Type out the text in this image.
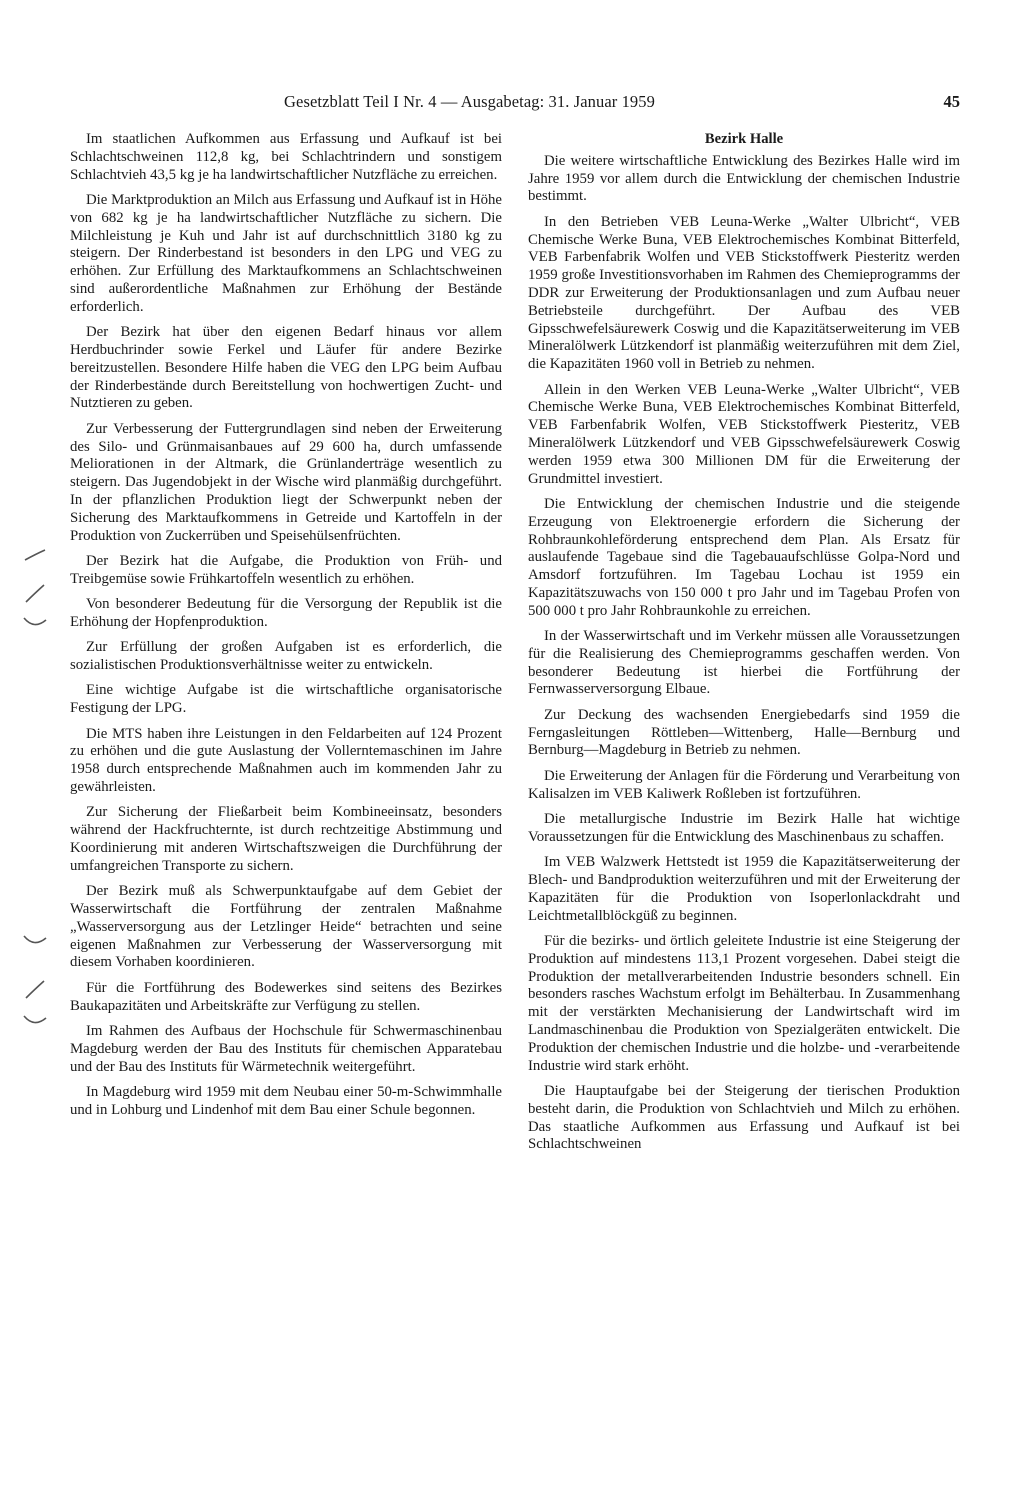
Gesetzblatt Teil I Nr. 4 — Ausgabetag: 31. Januar 1959	45

Im staatlichen Aufkommen aus Erfassung und Aufkauf ist bei Schlachtschweinen 112,8 kg, bei Schlachtrindern und sonstigem Schlachtvieh 43,5 kg je ha landwirtschaftlicher Nutzfläche zu erreichen.

Die Marktproduktion an Milch aus Erfassung und Aufkauf ist in Höhe von 682 kg je ha landwirtschaftlicher Nutzfläche zu sichern. Die Milchleistung je Kuh und Jahr ist auf durchschnittlich 3180 kg zu steigern. Der Rinderbestand ist besonders in den LPG und VEG zu erhöhen. Zur Erfüllung des Marktaufkommens an Schlachtschweinen sind außerordentliche Maßnahmen zur Erhöhung der Bestände erforderlich.

Der Bezirk hat über den eigenen Bedarf hinaus vor allem Herdbuchrinder sowie Ferkel und Läufer für andere Bezirke bereitzustellen. Besondere Hilfe haben die VEG den LPG beim Aufbau der Rinderbestände durch Bereitstellung von hochwertigen Zucht- und Nutztieren zu geben.

Zur Verbesserung der Futtergrundlagen sind neben der Erweiterung des Silo- und Grünmaisanbaues auf 29 600 ha, durch umfassende Meliorationen in der Altmark, die Grünlanderträge wesentlich zu steigern. Das Jugendobjekt in der Wische wird planmäßig durchgeführt. In der pflanzlichen Produktion liegt der Schwerpunkt neben der Sicherung des Marktaufkommens in Getreide und Kartoffeln in der Produktion von Zuckerrüben und Speisehülsenfrüchten.

Der Bezirk hat die Aufgabe, die Produktion von Früh- und Treibgemüse sowie Frühkartoffeln wesentlich zu erhöhen.

Von besonderer Bedeutung für die Versorgung der Republik ist die Erhöhung der Hopfenproduktion.

Zur Erfüllung der großen Aufgaben ist es erforderlich, die sozialistischen Produktionsverhältnisse weiter zu entwickeln.

Eine wichtige Aufgabe ist die wirtschaftliche organisatorische Festigung der LPG.

Die MTS haben ihre Leistungen in den Feldarbeiten auf 124 Prozent zu erhöhen und die gute Auslastung der Vollerntemaschinen im Jahre 1958 durch entsprechende Maßnahmen auch im kommenden Jahr zu gewährleisten.

Zur Sicherung der Fließarbeit beim Kombineeinsatz, besonders während der Hackfruchternte, ist durch rechtzeitige Abstimmung und Koordinierung mit anderen Wirtschaftszweigen die Durchführung der umfangreichen Transporte zu sichern.

Der Bezirk muß als Schwerpunktaufgabe auf dem Gebiet der Wasserwirtschaft die Fortführung der zentralen Maßnahme „Wasserversorgung aus der Letzlinger Heide“ betrachten und seine eigenen Maßnahmen zur Verbesserung der Wasserversorgung mit diesem Vorhaben koordinieren.

Für die Fortführung des Bodewerkes sind seitens des Bezirkes Baukapazitäten und Arbeitskräfte zur Verfügung zu stellen.

Im Rahmen des Aufbaus der Hochschule für Schwermaschinenbau Magdeburg werden der Bau des Instituts für chemischen Apparatebau und der Bau des Instituts für Wärmetechnik weitergeführt.

In Magdeburg wird 1959 mit dem Neubau einer 50-m-Schwimmhalle und in Lohburg und Lindenhof mit dem Bau einer Schule begonnen.

Bezirk Halle

Die weitere wirtschaftliche Entwicklung des Bezirkes Halle wird im Jahre 1959 vor allem durch die Entwicklung der chemischen Industrie bestimmt.

In den Betrieben VEB Leuna-Werke „Walter Ulbricht“, VEB Chemische Werke Buna, VEB Elektrochemisches Kombinat Bitterfeld, VEB Farbenfabrik Wolfen und VEB Stickstoffwerk Piesteritz werden 1959 große Investitionsvorhaben im Rahmen des Chemieprogramms der DDR zur Erweiterung der Produktionsanlagen und zum Aufbau neuer Betriebsteile durchgeführt. Der Aufbau des VEB Gipsschwefelsäurewerk Coswig und die Kapazitätserweiterung im VEB Mineralölwerk Lützkendorf ist planmäßig weiterzuführen mit dem Ziel, die Kapazitäten 1960 voll in Betrieb zu nehmen.

Allein in den Werken VEB Leuna-Werke „Walter Ulbricht“, VEB Chemische Werke Buna, VEB Elektrochemisches Kombinat Bitterfeld, VEB Farbenfabrik Wolfen, VEB Stickstoffwerk Piesteritz, VEB Mineralölwerk Lützkendorf und VEB Gipsschwefelsäurewerk Coswig werden 1959 etwa 300 Millionen DM für die Erweiterung der Grundmittel investiert.

Die Entwicklung der chemischen Industrie und die steigende Erzeugung von Elektroenergie erfordern die Sicherung der Rohbraunkohleförderung entsprechend dem Plan. Als Ersatz für auslaufende Tagebaue sind die Tagebauaufschlüsse Golpa-Nord und Amsdorf fortzuführen. Im Tagebau Lochau ist 1959 ein Kapazitätszuwachs von 150 000 t pro Jahr und im Tagebau Profen von 500 000 t pro Jahr Rohbraunkohle zu erreichen.

In der Wasserwirtschaft und im Verkehr müssen alle Voraussetzungen für die Realisierung des Chemieprogramms geschaffen werden. Von besonderer Bedeutung ist hierbei die Fortführung der Fernwasserversorgung Elbaue.

Zur Deckung des wachsenden Energiebedarfs sind 1959 die Ferngasleitungen Röttleben—Wittenberg, Halle—Bernburg und Bernburg—Magdeburg in Betrieb zu nehmen.

Die Erweiterung der Anlagen für die Förderung und Verarbeitung von Kalisalzen im VEB Kaliwerk Roßleben ist fortzuführen.

Die metallurgische Industrie im Bezirk Halle hat wichtige Voraussetzungen für die Entwicklung des Maschinenbaus zu schaffen.

Im VEB Walzwerk Hettstedt ist 1959 die Kapazitätserweiterung der Blech- und Bandproduktion weiterzuführen und mit der Erweiterung der Kapazitäten für die Produktion von Isoperlonlackdraht und Leichtmetallblöckgüß zu beginnen.

Für die bezirks- und örtlich geleitete Industrie ist eine Steigerung der Produktion auf mindestens 113,1 Prozent vorgesehen. Dabei steigt die Produktion der metallverarbeitenden Industrie besonders schnell. Ein besonders rasches Wachstum erfolgt im Behälterbau. In Zusammenhang mit der verstärkten Mechanisierung der Landwirtschaft wird im Landmaschinenbau die Produktion von Spezialgeräten entwickelt. Die Produktion der chemischen Industrie und die holzbe- und -verarbeitende Industrie wird stark erhöht.

Die Hauptaufgabe bei der Steigerung der tierischen Produktion besteht darin, die Produktion von Schlachtvieh und Milch zu erhöhen. Das staatliche Aufkommen aus Erfassung und Aufkauf ist bei Schlachtschweinen
